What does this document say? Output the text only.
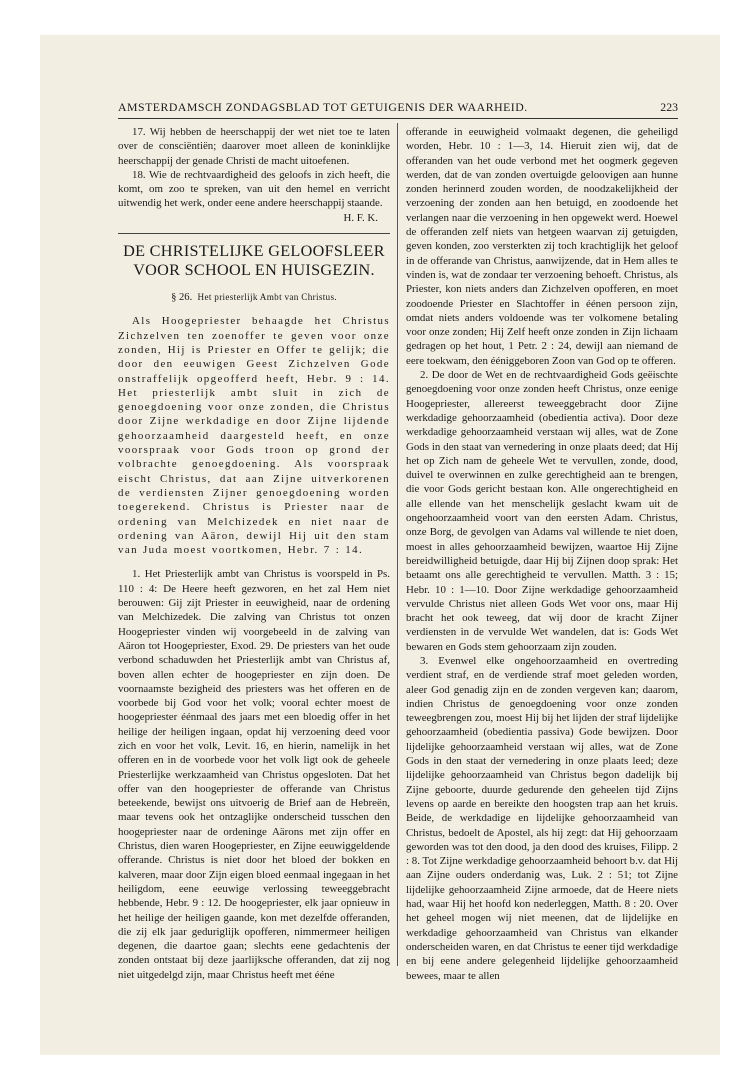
AMSTERDAMSCH ZONDAGSBLAD TOT GETUIGENIS DER WAARHEID.	223

17. Wij hebben de heerschappij der wet niet toe te laten over de consciëntiën; daarover moet alleen de koninklijke heerschappij der genade Christi de macht uitoefenen.

18. Wie de rechtvaardigheid des geloofs in zich heeft, die komt, om zoo te spreken, van uit den hemel en verricht uitwendig het werk, onder eene andere heerschappij staande.

H. F. K.
DE CHRISTELIJKE GELOOFSLEER VOOR SCHOOL EN HUISGEZIN.
§ 26. Het priesterlijk Ambt van Christus.

Als Hoogepriester behaagde het Christus Zichzelven ten zoenoffer te geven voor onze zonden, Hij is Priester en Offer te gelijk; die door den eeuwigen Geest Zichzelven Gode onstraffelijk opgeofferd heeft, Hebr. 9 : 14. Het priesterlijk ambt sluit in zich de genoegdoening voor onze zonden, die Christus door Zijne werkdadige en door Zijne lijdende gehoorzaamheid daargesteld heeft, en onze voorspraak voor Gods troon op grond der volbrachte genoegdoening. Als voorspraak eischt Christus, dat aan Zijne uitverkorenen de verdiensten Zijner genoegdoening worden toegerekend. Christus is Priester naar de ordening van Melchizedek en niet naar de ordening van Aäron, dewijl Hij uit den stam van Juda moest voortkomen, Hebr. 7 : 14.

1. Het Priesterlijk ambt van Christus is voorspeld in Ps. 110 : 4: De Heere heeft gezworen, en het zal Hem niet berouwen: Gij zijt Priester in eeuwigheid, naar de ordening van Melchizedek. Die zalving van Christus tot onzen Hoogepriester vinden wij voorgebeeld in de zalving van Aäron tot Hoogepriester, Exod. 29. De priesters van het oude verbond schaduwden het Priesterlijk ambt van Christus af, boven allen echter de hoogepriester en zijn doen. De voornaamste bezigheid des priesters was het offeren en de voorbede bij God voor het volk; vooral echter moest de hoogepriester éénmaal des jaars met een bloedig offer in het heilige der heiligen ingaan, opdat hij verzoening deed voor zich en voor het volk, Levit. 16, en hierin, namelijk in het offeren en in de voorbede voor het volk ligt ook de geheele Priesterlijke werkzaamheid van Christus opgesloten. Dat het offer van den hoogepriester de offerande van Christus beteekende, bewijst ons uitvoerig de Brief aan de Hebreën, maar tevens ook het ontzaglijke onderscheid tusschen den hoogepriester naar de ordeninge Aärons met zijn offer en Christus, dien waren Hoogepriester, en Zijne eeuwiggeldende offerande. Christus is niet door het bloed der bokken en kalveren, maar door Zijn eigen bloed eenmaal ingegaan in het heiligdom, eene eeuwige verlossing teweeggebracht hebbende, Hebr. 9 : 12. De hoogepriester, elk jaar opnieuw in het heilige der heiligen gaande, kon met dezelfde offeranden, die zij elk jaar geduriglijk opofferen, nimmermeer heiligen degenen, die daartoe gaan; slechts eene gedachtenis der zonden ontstaat bij deze jaarlijksche offeranden, dat zij nog niet uitgedelgd zijn, maar Christus heeft met ééne

offerande in eeuwigheid volmaakt degenen, die geheiligd worden, Hebr. 10 : 1—3, 14. Hieruit zien wij, dat de offeranden van het oude verbond met het oogmerk gegeven werden, dat de van zonden overtuigde geloovigen aan hunne zonden herinnerd zouden worden, de noodzakelijkheid der verzoening der zonden aan hen betuigd, en zoodoende het verlangen naar die verzoening in hen opgewekt werd. Hoewel de offeranden zelf niets van hetgeen waarvan zij getuigden, geven konden, zoo versterkten zij toch krachtiglijk het geloof in de offerande van Christus, aanwijzende, dat in Hem alles te vinden is, wat de zondaar ter verzoening behoeft. Christus, als Priester, kon niets anders dan Zichzelven opofferen, en moet zoodoende Priester en Slachtoffer in éénen persoon zijn, omdat niets anders voldoende was ter volkomene betaling voor onze zonden; Hij Zelf heeft onze zonden in Zijn lichaam gedragen op het hout, 1 Petr. 2 : 24, dewijl aan niemand de eere toekwam, den ééniggeboren Zoon van God op te offeren.

2. De door de Wet en de rechtvaardigheid Gods geëischte genoegdoening voor onze zonden heeft Christus, onze eenige Hoogepriester, allereerst teweeggebracht door Zijne werkdadige gehoorzaamheid (obedientia activa). Door deze werkdadige gehoorzaamheid verstaan wij alles, wat de Zone Gods in den staat van vernedering in onze plaats deed; dat Hij het op Zich nam de geheele Wet te vervullen, zonde, dood, duivel te overwinnen en zulke gerechtigheid aan te brengen, die voor Gods gericht bestaan kon. Alle ongerechtigheid en alle ellende van het menschelijk geslacht kwam uit de ongehoorzaamheid voort van den eersten Adam. Christus, onze Borg, de gevolgen van Adams val willende te niet doen, moest in alles gehoorzaamheid bewijzen, waartoe Hij Zijne bereidwilligheid betuigde, daar Hij bij Zijnen doop sprak: Het betaamt ons alle gerechtigheid te vervullen. Matth. 3 : 15; Hebr. 10 : 1—10. Door Zijne werkdadige gehoorzaamheid vervulde Christus niet alleen Gods Wet voor ons, maar Hij bracht het ook teweeg, dat wij door de kracht Zijner verdiensten in de vervulde Wet wandelen, dat is: Gods Wet bewaren en Gods stem gehoorzaam zijn zouden.

3. Evenwel elke ongehoorzaamheid en overtreding verdient straf, en de verdiende straf moet geleden worden, aleer God genadig zijn en de zonden vergeven kan; daarom, indien Christus de genoegdoening voor onze zonden teweegbrengen zou, moest Hij bij het lijden der straf lijdelijke gehoorzaamheid (obedientia passiva) Gode bewijzen. Door lijdelijke gehoorzaamheid verstaan wij alles, wat de Zone Gods in den staat der vernedering in onze plaats leed; deze lijdelijke gehoorzaamheid van Christus begon dadelijk bij Zijne geboorte, duurde gedurende den geheelen tijd Zijns levens op aarde en bereikte den hoogsten trap aan het kruis. Beide, de werkdadige en lijdelijke gehoorzaamheid van Christus, bedoelt de Apostel, als hij zegt: dat Hij gehoorzaam geworden was tot den dood, ja den dood des kruises, Filipp. 2 : 8. Tot Zijne werkdadige gehoorzaamheid behoort b.v. dat Hij aan Zijne ouders onderdanig was, Luk. 2 : 51; tot Zijne lijdelijke gehoorzaamheid Zijne armoede, dat de Heere niets had, waar Hij het hoofd kon nederleggen, Matth. 8 : 20. Over het geheel mogen wij niet meenen, dat de lijdelijke en werkdadige gehoorzaamheid van Christus van elkander onderscheiden waren, en dat Christus te eener tijd werkdadige en bij eene andere gelegenheid lijdelijke gehoorzaamheid bewees, maar te allen
